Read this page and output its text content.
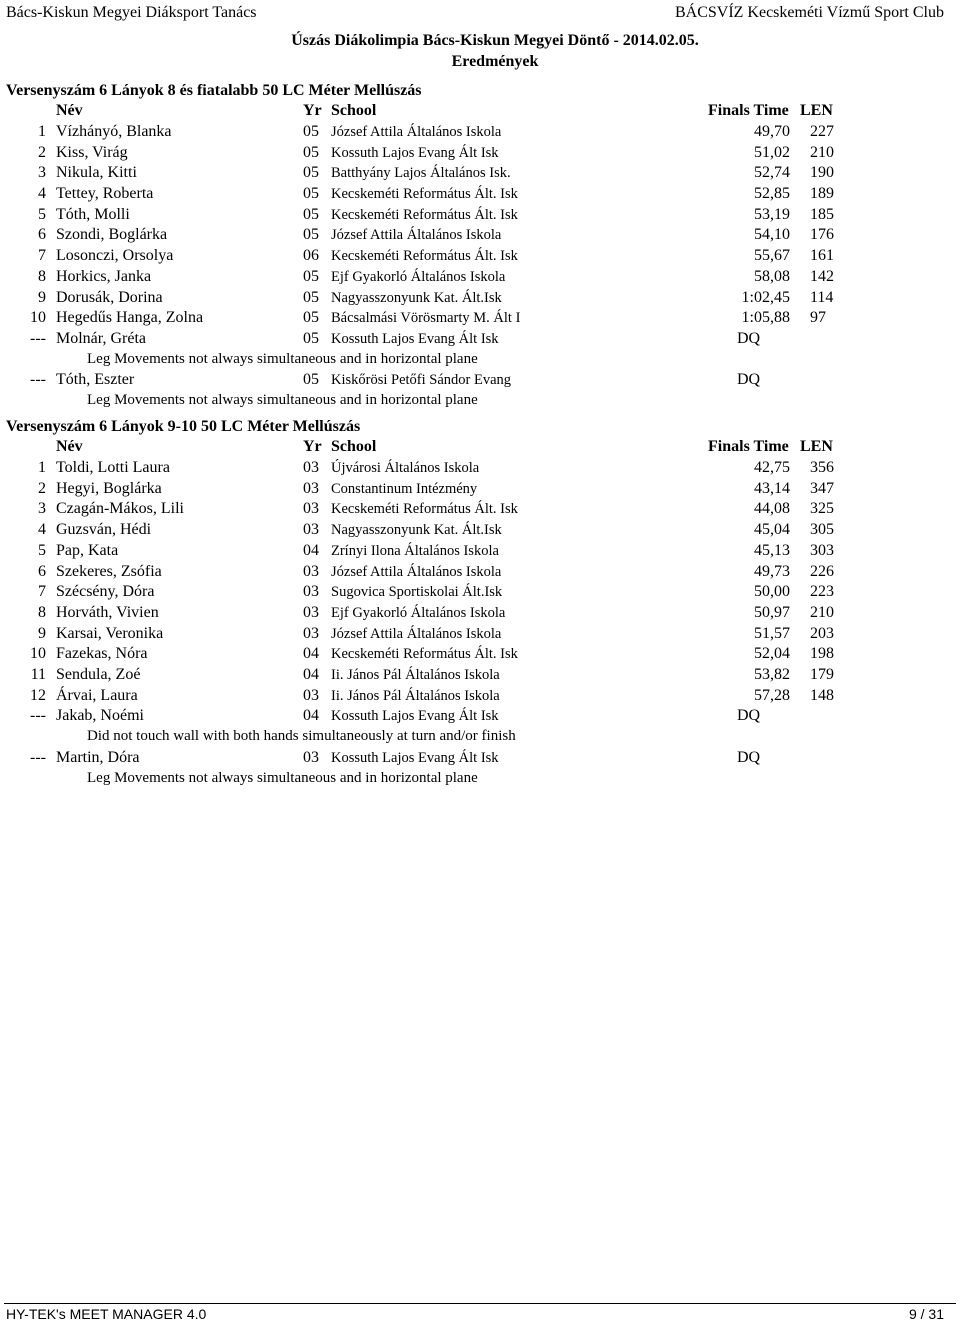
Bács-Kiskun Megyei Diáksport Tanács	BÁCSVÍZ Kecskeméti Vízmű Sport Club
Úszás Diákolimpia Bács-Kiskun Megyei Döntő - 2014.02.05.
Eredmények
Versenyszám 6 Lányok 8 és fiatalabb 50 LC Méter Mellúszás
Név	Yr School	Finals Time LEN
1 Vízhányó, Blanka	05 József Attila Általános Iskola	49,70 227
2 Kiss, Virág	05 Kossuth Lajos Evang Ált Isk	51,02 210
3 Nikula, Kitti	05 Batthyány Lajos Általános Isk.	52,74 190
4 Tettey, Roberta	05 Kecskeméti Református Ált. Isk	52,85 189
5 Tóth, Molli	05 Kecskeméti Református Ált. Isk	53,19 185
6 Szondi, Boglárka	05 József Attila Általános Iskola	54,10 176
7 Losonczi, Orsolya	06 Kecskeméti Református Ált. Isk	55,67 161
8 Horkics, Janka	05 Ejf Gyakorló Általános Iskola	58,08 142
9 Dorusák, Dorina	05 Nagyasszonyunk Kat. Ált.Isk	1:02,45 114
10 Hegedűs Hanga, Zolna	05 Bácsalmási Vörösmarty M. Ált I	1:05,88 97
--- Molnár, Gréta	05 Kossuth Lajos Evang Ált Isk	DQ
Leg Movements not always simultaneous and in horizontal plane
--- Tóth, Eszter	05 Kiskőrösi Petőfi Sándor Evang	DQ
Leg Movements not always simultaneous and in horizontal plane
Versenyszám 6 Lányok 9-10 50 LC Méter Mellúszás
Név	Yr School	Finals Time LEN
1 Toldi, Lotti Laura	03 Újvárosi Általános Iskola	42,75 356
2 Hegyi, Boglárka	03 Constantinum Intézmény	43,14 347
3 Czagán-Mákos, Lili	03 Kecskeméti Református Ált. Isk	44,08 325
4 Guzsván, Hédi	03 Nagyasszonyunk Kat. Ált.Isk	45,04 305
5 Pap, Kata	04 Zrínyi Ilona Általános Iskola	45,13 303
6 Szekeres, Zsófia	03 József Attila Általános Iskola	49,73 226
7 Szécsény, Dóra	03 Sugovica Sportiskolai Ált.Isk	50,00 223
8 Horváth, Vivien	03 Ejf Gyakorló Általános Iskola	50,97 210
9 Karsai, Veronika	03 József Attila Általános Iskola	51,57 203
10 Fazekas, Nóra	04 Kecskeméti Református Ált. Isk	52,04 198
11 Sendula, Zoé	04 Ii. János Pál Általános Iskola	53,82 179
12 Árvai, Laura	03 Ii. János Pál Általános Iskola	57,28 148
--- Jakab, Noémi	04 Kossuth Lajos Evang Ált Isk	DQ
Did not touch wall with both hands simultaneously at turn and/or finish
--- Martin, Dóra	03 Kossuth Lajos Evang Ált Isk	DQ
Leg Movements not always simultaneous and in horizontal plane
HY-TEK's MEET MANAGER 4.0	9 / 31
